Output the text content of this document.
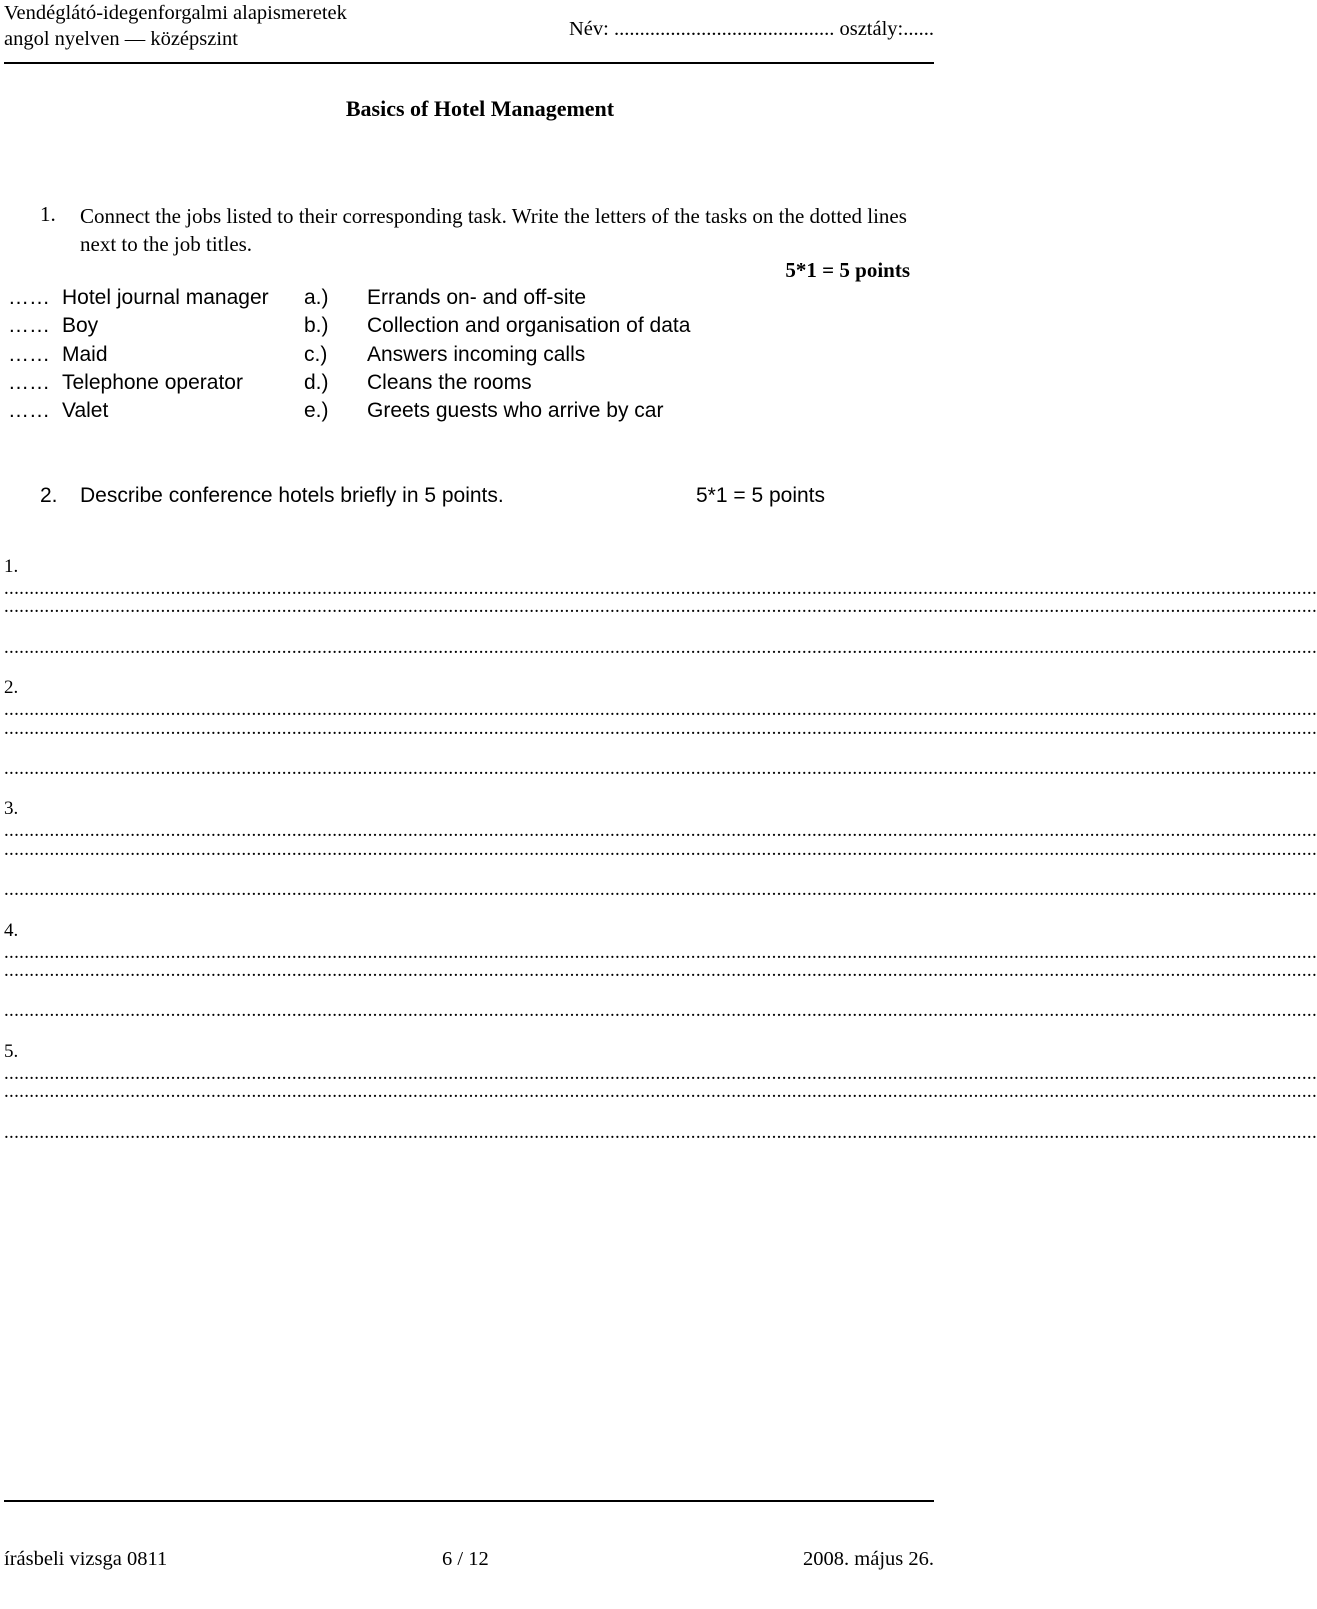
Vendéglátó-idegenforgalmi alapismeretek
angol nyelven — középszint	Név: ........................................... osztály:......
Basics of Hotel Management
1. Connect the jobs listed to their corresponding task. Write the letters of the tasks on the dotted lines next to the job titles.
5*1 = 5 points
…… Hotel journal manager a.) Errands on- and off-site
…… Boy	b.) Collection and organisation of data
…… Maid	c.) Answers incoming calls
…… Telephone operator	d.) Cleans the rooms
…… Valet	e.) Greets guests who arrive by car
2. Describe conference hotels briefly in 5 points.	5*1 = 5 points
1.....................................................................................................................................................................................................................................................................
....................................................................................................................................................................................................................................................................
....................................................................................................................................................................................................................................................................
2.....................................................................................................................................................................................................................................................................
....................................................................................................................................................................................................................................................................
....................................................................................................................................................................................................................................................................
3.....................................................................................................................................................................................................................................................................
....................................................................................................................................................................................................................................................................
....................................................................................................................................................................................................................................................................
4.....................................................................................................................................................................................................................................................................
....................................................................................................................................................................................................................................................................
....................................................................................................................................................................................................................................................................
5.....................................................................................................................................................................................................................................................................
....................................................................................................................................................................................................................................................................
....................................................................................................................................................................................................................................................................
írásbeli vizsga 0811	6 / 12	2008. május 26.
